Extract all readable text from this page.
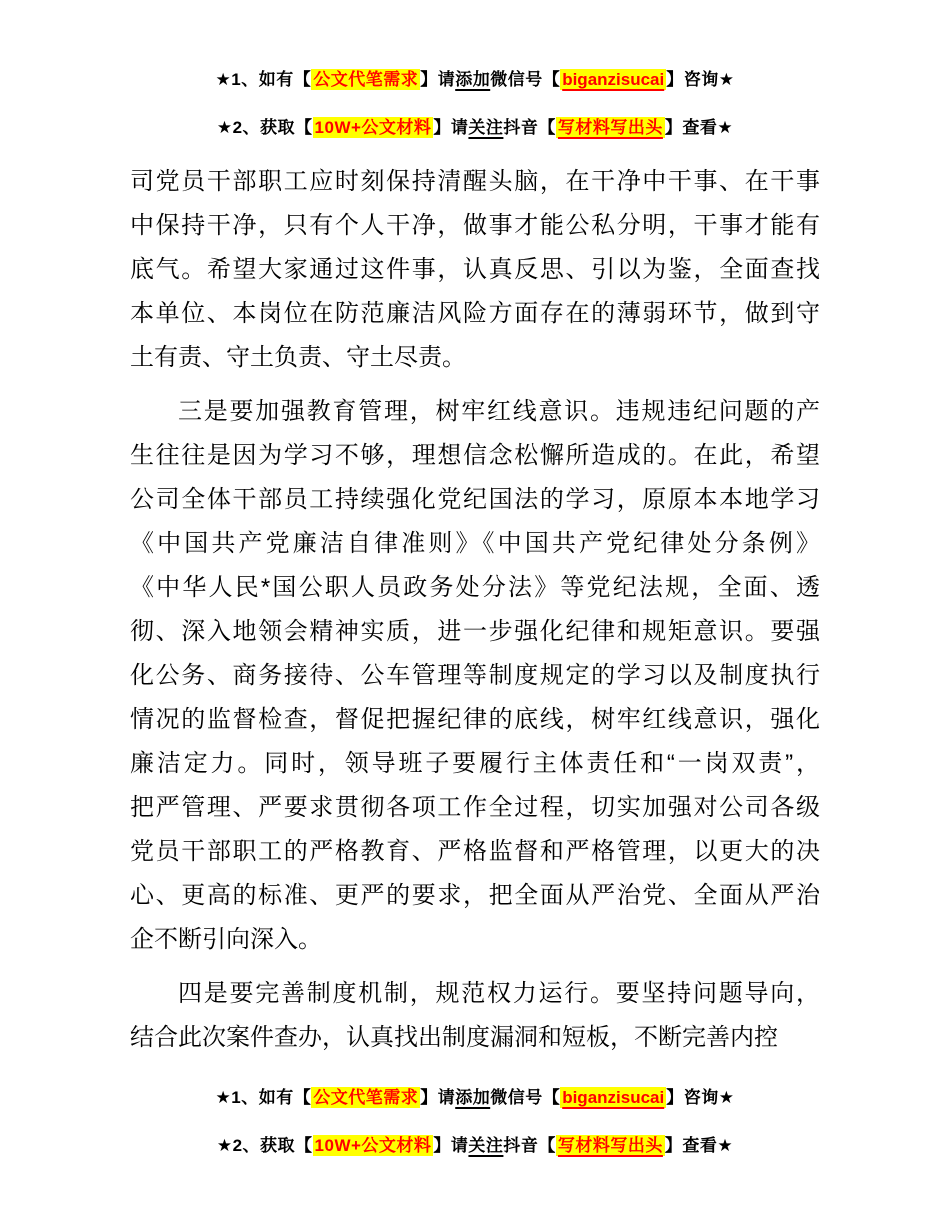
★1、如有【 公文代笔需求 】请添加微信号【 biganzisucai 】咨询★
★2、获取【 10W+公文材料 】请关注抖音【 写材料写出头 】查看★
司党员干部职工应时刻保持清醒头脑，在干净中干事、在干事
中保持干净，只有个人干净，做事才能公私分明，干事才能有
底气。希望大家通过这件事，认真反思、引以为鉴，全面查找
本单位、本岗位在防范廉洁风险方面存在的薄弱环节，做到守
土有责、守土负责、守土尽责。
三是要加强教育管理，树牢红线意识。违规违纪问题的产
生往往是因为学习不够，理想信念松懈所造成的。在此，希望
公司全体干部员工持续强化党纪国法的学习，原原本本地学习
《中国共产党廉洁自律准则》《中国共产党纪律处分条例》
《中华人民*国公职人员政务处分法》等党纪法规，全面、透
彻、深入地领会精神实质，进一步强化纪律和规矩意识。要强
化公务、商务接待、公车管理等制度规定的学习以及制度执行
情况的监督检查，督促把握纪律的底线，树牢红线意识，强化
廉洁定力。同时，领导班子要履行主体责任和“一岗双责”，
把严管理、严要求贯彻各项工作全过程，切实加强对公司各级
党员干部职工的严格教育、严格监督和严格管理，以更大的决
心、更高的标准、更严的要求，把全面从严治党、全面从严治
企不断引向深入。
四是要完善制度机制，规范权力运行。要坚持问题导向，
结合此次案件查办，认真找出制度漏洞和短板，不断完善内控
★1、如有【 公文代笔需求 】请添加微信号【 biganzisucai 】咨询★
★2、获取【 10W+公文材料 】请关注抖音【 写材料写出头 】查看★
